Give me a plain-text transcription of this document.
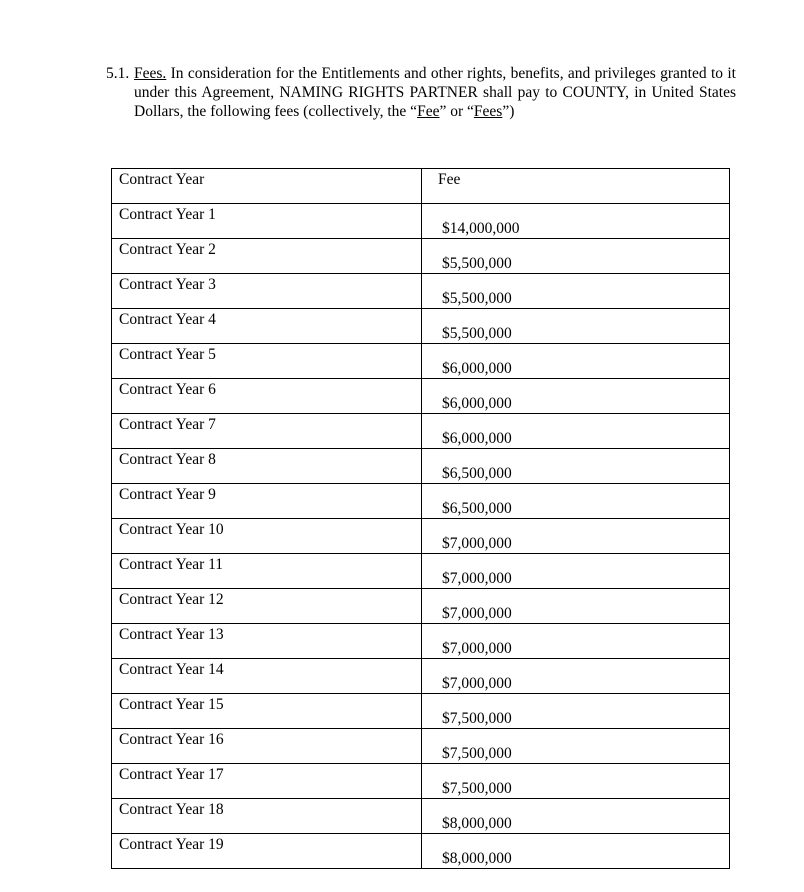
5.1. Fees. In consideration for the Entitlements and other rights, benefits, and privileges granted to it under this Agreement, NAMING RIGHTS PARTNER shall pay to COUNTY, in United States Dollars, the following fees (collectively, the “Fee” or “Fees”)
Contract Year	Fee

Contract Year 1	$14,000,000

Contract Year 2	$5,500,000

Contract Year 3	$5,500,000

Contract Year 4	$5,500,000

Contract Year 5	$6,000,000

Contract Year 6	$6,000,000

Contract Year 7	$6,000,000

Contract Year 8	$6,500,000

Contract Year 9	$6,500,000

Contract Year 10	$7,000,000

Contract Year 11	$7,000,000

Contract Year 12	$7,000,000

Contract Year 13	$7,000,000

Contract Year 14	$7,000,000

Contract Year 15	$7,500,000

Contract Year 16	$7,500,000

Contract Year 17	$7,500,000

Contract Year 18	$8,000,000

Contract Year 19	$8,000,000
